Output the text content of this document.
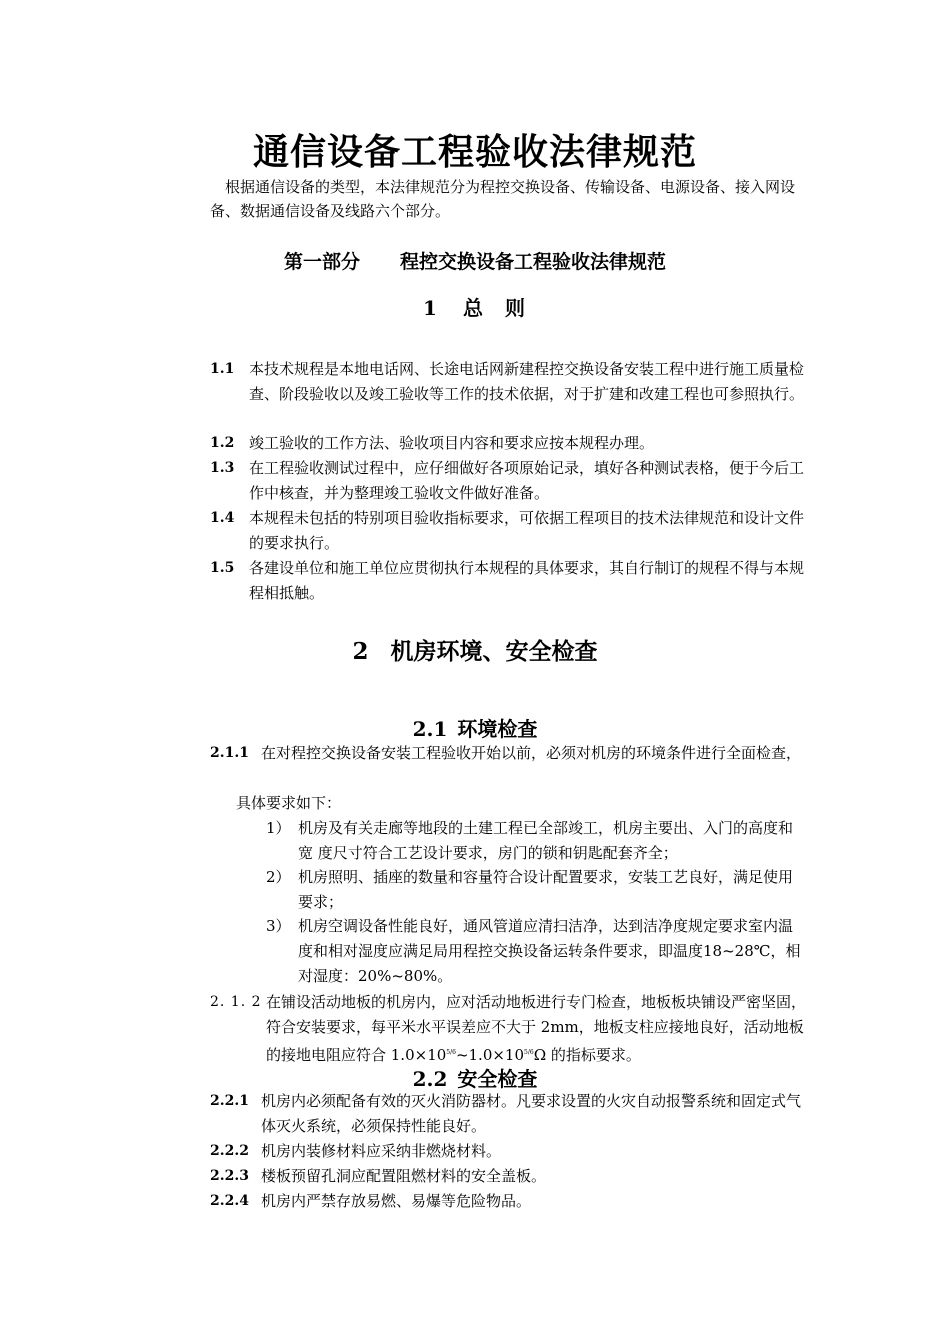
通信设备工程验收法律规范
根据通信设备的类型，本法律规范分为程控交换设备、传输设备、电源设备、接入网设备、数据通信设备及线路六个部分。
第一部分 程控交换设备工程验收法律规范
1 总 则
1.1 本技术规程是本地电话网、长途电话网新建程控交换设备安装工程中进行施工质量检查、阶段验收以及竣工验收等工作的技术依据，对于扩建和改建工程也可参照执行。
1.2 竣工验收的工作方法、验收项目内容和要求应按本规程办理。
1.3 在工程验收测试过程中，应仔细做好各项原始记录，填好各种测试表格，便于今后工作中核查，并为整理竣工验收文件做好准备。
1.4 本规程未包括的特别项目验收指标要求，可依据工程项目的技术法律规范和设计文件的要求执行。
1.5 各建设单位和施工单位应贯彻执行本规程的具体要求，其自行制订的规程不得与本规程相抵触。
2 机房环境、安全检查
2.1 环境检查
2.1.1 在对程控交换设备安装工程验收开始以前，必须对机房的环境条件进行全面检查，
具体要求如下：
1） 机房及有关走廊等地段的土建工程已全部竣工，机房主要出、入门的高度和宽 度尺寸符合工艺设计要求，房门的锁和钥匙配套齐全；
2） 机房照明、插座的数量和容量符合设计配置要求，安装工艺良好，满足使用要求；
3） 机房空调设备性能良好，通风管道应清扫洁净，达到洁净度规定要求室内温度和相对湿度应满足局用程控交换设备运转条件要求，即温度18~28℃，相对湿度：20%~80%。
2. 1. 2 在铺设活动地板的机房内，应对活动地板进行专门检查，地板板块铺设严密坚固，符合安装要求，每平米水平误差应不大于 2mm，地板支柱应接地良好，活动地板的接地电阻应符合 $1.0\times 10^{5/6}\sim 1.0\times 10^{5/6}\Omega$ 的指标要求。
2.2 安全检查
2.2.1 机房内必须配备有效的灭火消防器材。凡要求设置的火灾自动报警系统和固定式气体灭火系统，必须保持性能良好。
2.2.2 机房内装修材料应采纳非燃烧材料。
2.2.3 楼板预留孔洞应配置阻燃材料的安全盖板。
2.2.4 机房内严禁存放易燃、易爆等危险物品。
